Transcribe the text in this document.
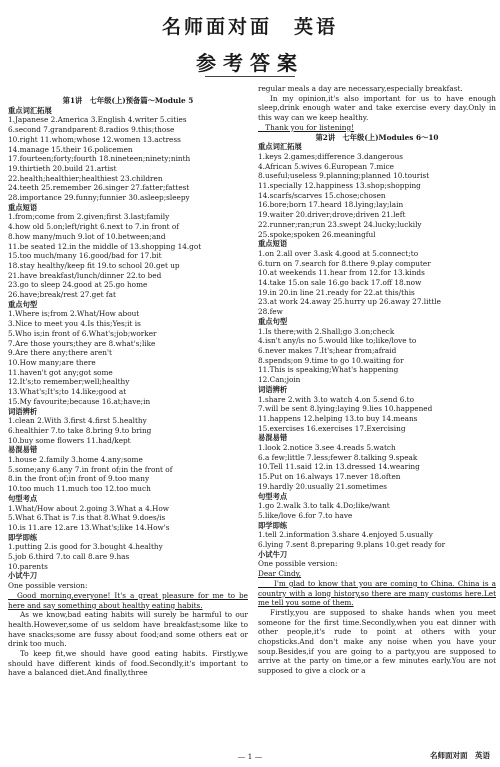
名师面对面　英语
参考答案
第1讲　七年级(上)预备篇～Module 5
重点词汇拓展
1.Japanese 2.America 3.English 4.writer 5.cities
6.second 7.grandparent 8.radios 9.this;those
10.right 11.whom;whose 12.women 13.actress
14.manage 15.their 16.policemen
17.fourteen;forty;fourth 18.nineteen;ninety;ninth
19.thirtieth 20.build 21.artist
22.health;healthier;healthiest 23.children
24.teeth 25.remember 26.singer 27.fatter;fattest
28.importance 29.funny;funnier 30.asleep;sleepy
重点短语
1.from;come from 2.given;first 3.last;family
4.how old 5.on;left/right 6.next to 7.in front of
8.how many/much 9.lot of 10.between;and
11.be seated 12.in the middle of 13.shopping 14.got
15.too much/many 16.good/bad for 17.bit
18.stay healthy/keep fit 19.to school 20.get up
21.have breakfast/lunch/dinner 22.to bed
23.go to sleep 24.good at 25.go home
26.have;break/rest 27.get fat
重点句型
1.Where is;from 2.What/How about
3.Nice to meet you 4.Is this;Yes;it is
5.Who is;in front of 6.What's;job;worker
7.Are those yours;they are 8.what's;like
9.Are there any;there aren't
10.How many;are there
11.haven't got any;got some
12.It's;to remember;well;healthy
13.What's;It's;to 14.like;good at
15.My favourite;because 16.at;have;in
词语辨析
1.clean 2.With 3.first 4.first 5.healthy
6.healthier 7.to take 8.bring 9.to bring
10.buy some flowers 11.had/kept
易混易错
1.house 2.family 3.home 4.any;some
5.some;any 6.any 7.in front of;in the front of
8.in the front of;in front of 9.too many
10.too much 11.much too 12.too much
句型考点
1.What/How about 2.going 3.What a 4.How
5.What 6.That is 7.is that 8.What 9.does/is
10.is 11.are 12.are 13.What's;like 14.How's
即学即练
1.putting 2.is good for 3.bought 4.healthy
5.job 6.third 7.to call 8.are 9.has
10.parents
小试牛刀
One possible version:
　Good morning,everyone! It's a great pleasure for me to be here and say something about healthy eating habits.
As we know,bad eating habits will surely be harmful to our health.However,some of us seldom have breakfast;some like to have snacks;some are fussy about food;and some others eat or drink too much.
To keep fit,we should have good eating habits. Firstly,we should have different kinds of food.Secondly,it's important to have a balanced diet.And finally,three
regular meals a day are necessary,especially breakfast.
In my opinion,it's also important for us to have enough sleep,drink enough water and take exercise every day.Only in this way can we keep healthy.
　Thank you for listening!
第2讲　七年级(上)Modules 6～10
重点词汇拓展
1.keys 2.games;difference 3.dangerous
4.African 5.wives 6.European 7.mice
8.useful;useless 9.planning;planned 10.tourist
11.specially 12.happiness 13.shop;shopping
14.scarfs/scarves 15.chose;chosen
16.bore;born 17.heard 18.lying;lay;lain
19.waiter 20.driver;drove;driven 21.left
22.runner;ran;run 23.swept 24.lucky;luckily
25.spoke;spoken 26.meaningful
重点短语
1.on 2.all over 3.ask 4.good at 5.connect;to
6.turn on 7.search for 8.there 9.play computer
10.at weekends 11.hear from 12.for 13.kinds
14.take 15.on sale 16.go back 17.off 18.now
19.in 20.in line 21.ready for 22.at this/this
23.at work 24.away 25.hurry up 26.away 27.little
28.few
重点句型
1.Is there;with 2.Shall;go 3.on;check
4.isn't any/is no 5.would like to;like/love to
6.never makes 7.It's;hear from;afraid
8.spends;on 9.time to go 10.waiting for
11.This is speaking;What's happening
12.Can;join
词语辨析
1.share 2.with 3.to watch 4.on 5.send 6.to
7.will be sent 8.lying;laying 9.lies 10.happened
11.happens 12.helping 13.to buy 14.means
15.exercises 16.exercises 17.Exercising
易混易错
1.look 2.notice 3.see 4.reads 5.watch
6.a few;little 7.less;fewer 8.talking 9.speak
10.Tell 11.said 12.in 13.dressed 14.wearing
15.Put on 16.always 17.never 18.often
19.hardly 20.usually 21.sometimes
句型考点
1.go 2.walk 3.to talk 4.Do;like/want
5.like/love 6.for 7.to have
即学即练
1.tell 2.information 3.share 4.enjoyed 5.usually
6.lying 7.sent 8.preparing 9.plans 10.get ready for
小试牛刀
One possible version:
Dear Cindy,
　　I'm glad to know that you are coming to China. China is a country with a long history,so there are many customs here.Let me tell you some of them.
Firstly,you are supposed to shake hands when you meet someone for the first time.Secondly,when you eat dinner with other people,it's rude to point at others with your chopsticks.And don't make any noise when you have your soup.Besides,if you are going to a party,you are supposed to arrive at the party on time,or a few minutes early.You are not supposed to give a clock or a
— 1 —	名师面对面　英语
